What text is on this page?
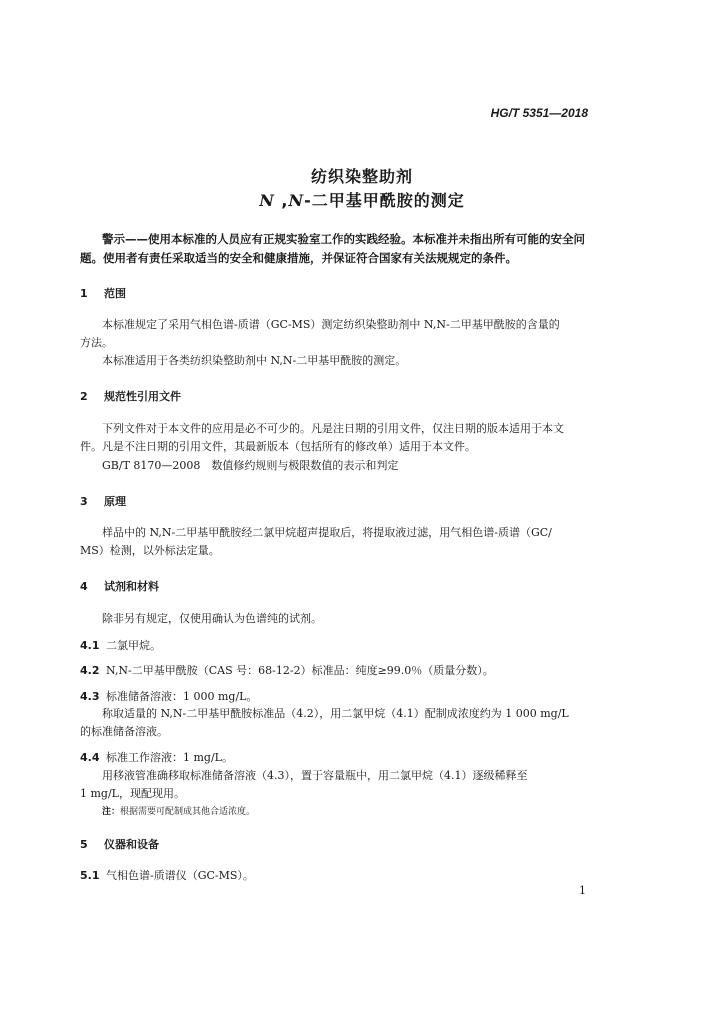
HG/T 5351—2018
纺织染整助剂
N ,N-二甲基甲酰胺的测定
警示——使用本标准的人员应有正规实验室工作的实践经验。本标准并未指出所有可能的安全问
题。使用者有责任采取适当的安全和健康措施，并保证符合国家有关法规规定的条件。
1 范围
本标准规定了采用气相色谱-质谱（GC-MS）测定纺织染整助剂中 N,N-二甲基甲酰胺的含量的
方法。
本标准适用于各类纺织染整助剂中 N,N-二甲基甲酰胺的测定。
2 规范性引用文件
下列文件对于本文件的应用是必不可少的。凡是注日期的引用文件，仅注日期的版本适用于本文
件。凡是不注日期的引用文件，其最新版本（包括所有的修改单）适用于本文件。
GB/T 8170—2008　数值修约规则与极限数值的表示和判定
3 原理
样品中的 N,N-二甲基甲酰胺经二氯甲烷超声提取后，将提取液过滤，用气相色谱-质谱（GC/
MS）检测，以外标法定量。
4 试剂和材料
除非另有规定，仅使用确认为色谱纯的试剂。
4.1 二氯甲烷。
4.2 N,N-二甲基甲酰胺（CAS 号：68-12-2）标准品：纯度≥99.0％（质量分数）。
4.3 标准储备溶液：1 000 mg/L。
称取适量的 N,N-二甲基甲酰胺标准品（4.2），用二氯甲烷（4.1）配制成浓度约为 1 000 mg/L
的标准储备溶液。
4.4 标准工作溶液：1 mg/L。
用移液管准确移取标准储备溶液（4.3），置于容量瓶中，用二氯甲烷（4.1）逐级稀释至
1 mg/L，现配现用。
注：根据需要可配制成其他合适浓度。
5 仪器和设备
5.1 气相色谱-质谱仪（GC-MS）。
1
